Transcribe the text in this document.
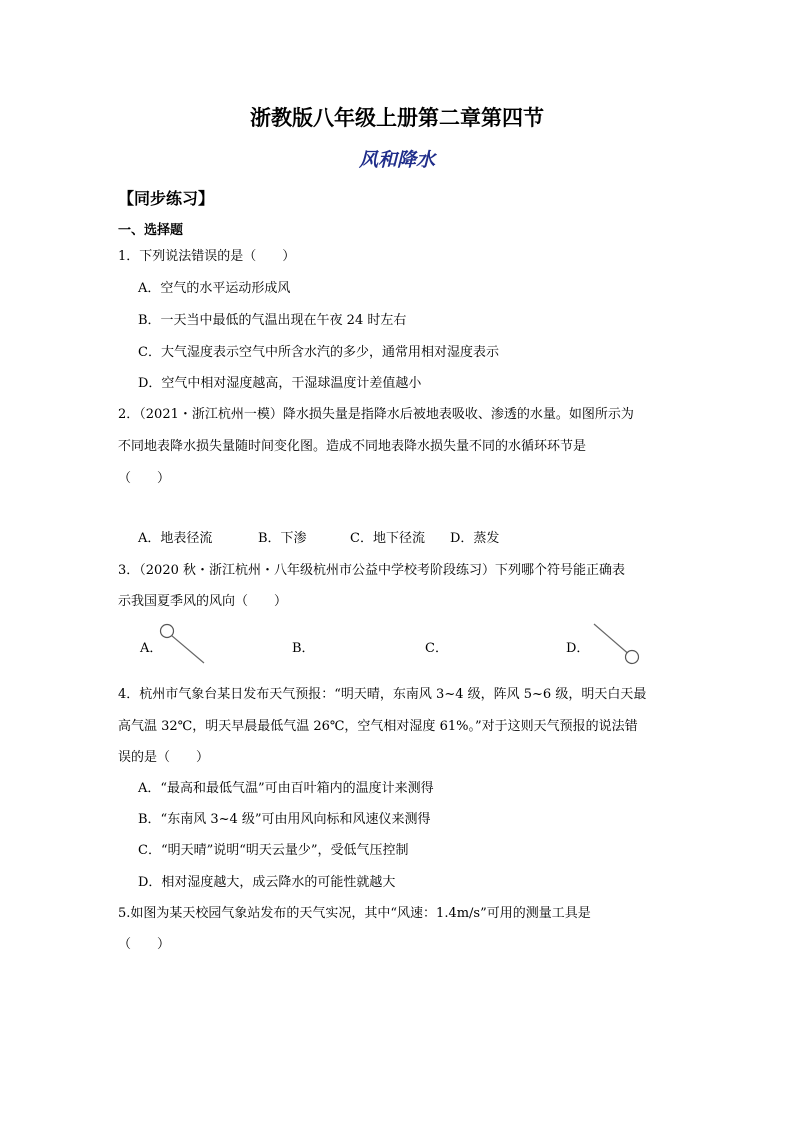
浙教版八年级上册第二章第四节
风和降水
【同步练习】
一、选择题
1．下列说法错误的是（　　）
A．空气的水平运动形成风
B．一天当中最低的气温出现在午夜 24 时左右
C．大气湿度表示空气中所含水汽的多少，通常用相对湿度表示
D．空气中相对湿度越高，干湿球温度计差值越小
2．（2021・浙江杭州一模）降水损失量是指降水后被地表吸收、渗透的水量。如图所示为
不同地表降水损失量随时间变化图。造成不同地表降水损失量不同的水循环环节是
（　　）
A．地表径流	B．下渗	C．地下径流 D．蒸发
3．（2020 秋・浙江杭州・八年级杭州市公益中学校考阶段练习）下列哪个符号能正确表
示我国夏季风的风向（　　）
A．	B．	C．	D．
4．杭州市气象台某日发布天气预报：“明天晴，东南风 3~4 级，阵风 5~6 级，明天白天最
高气温 32℃，明天早晨最低气温 26℃，空气相对湿度 61%。”对于这则天气预报的说法错
误的是（　　）
A．“最高和最低气温”可由百叶箱内的温度计来测得
B．“东南风 3~4 级”可由用风向标和风速仪来测得
C．“明天晴”说明“明天云量少”，受低气压控制
D．相对湿度越大，成云降水的可能性就越大
5.如图为某天校园气象站发布的天气实况，其中“风速：1.4m/s”可用的测量工具是
（　　）
